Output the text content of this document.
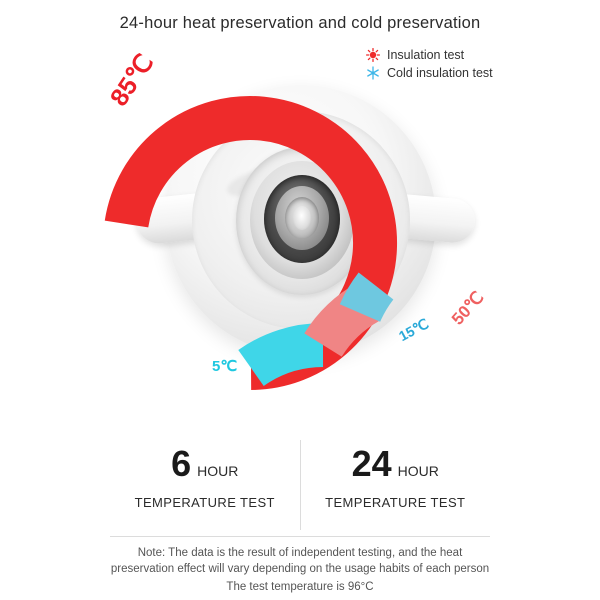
24-hour heat preservation and cold preservation
Insulation test
Cold insulation test
85℃
5℃
15℃
50℃
6 HOUR
TEMPERATURE TEST
24 HOUR
TEMPERATURE TEST
Note: The data is the result of independent testing, and the heat
preservation effect will vary depending on the usage habits of each person
The test temperature is 96°C
